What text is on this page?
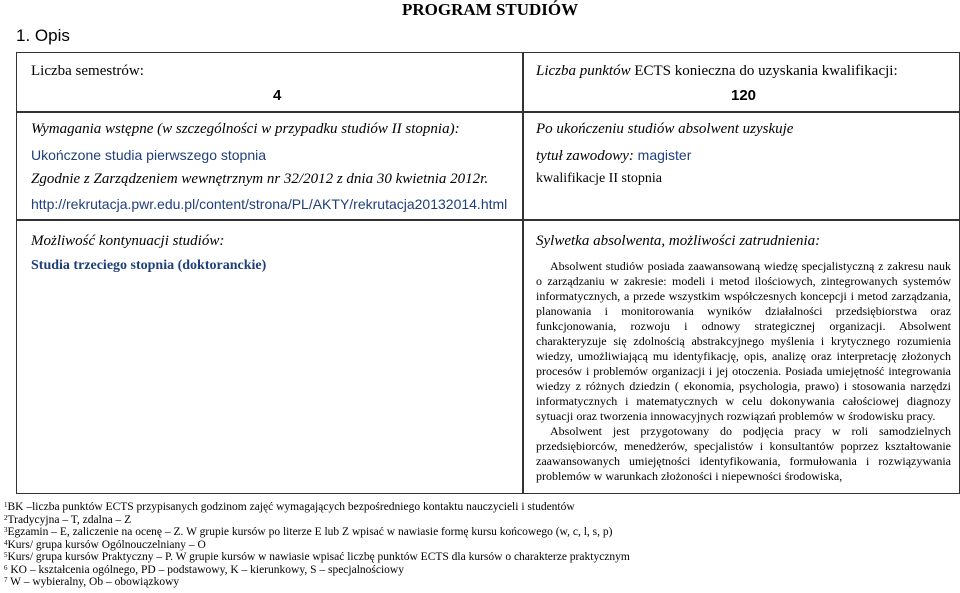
PROGRAM STUDIÓW
1. Opis
Liczba semestrów:
4
Liczba punktów ECTS konieczna do uzyskania kwalifikacji:
120
Wymagania wstępne (w szczególności w przypadku studiów II stopnia):
Ukończone studia pierwszego stopnia
Zgodnie z Zarządzeniem wewnętrznym nr 32/2012 z dnia 30 kwietnia 2012r.
http://rekrutacja.pwr.edu.pl/content/strona/PL/AKTY/rekrutacja20132014.html
Po ukończeniu studiów absolwent uzyskuje
tytuł zawodowy: magister
kwalifikacje II stopnia
Możliwość kontynuacji studiów:
Studia trzeciego stopnia (doktoranckie)
Sylwetka absolwenta, możliwości zatrudnienia:

Absolwent studiów posiada zaawansowaną wiedzę specjalistyczną z zakresu nauk o zarządzaniu w zakresie: modeli i metod ilościowych, zintegrowanych systemów informatycznych, a przede wszystkim współczesnych koncepcji i metod zarządzania, planowania i monitorowania wyników działalności przedsiębiorstwa oraz funkcjonowania, rozwoju i odnowy strategicznej organizacji. Absolwent charakteryzuje się zdolnością abstrakcyjnego myślenia i krytycznego rozumienia wiedzy, umożliwiającą mu identyfikację, opis, analizę oraz interpretację złożonych procesów i problemów organizacji i jej otoczenia. Posiada umiejętność integrowania wiedzy z różnych dziedzin ( ekonomia, psychologia, prawo) i stosowania narzędzi informatycznych i matematycznych w celu dokonywania całościowej diagnozy sytuacji oraz tworzenia innowacyjnych rozwiązań problemów w środowisku pracy.

Absolwent jest przygotowany do podjęcia pracy w roli samodzielnych przedsiębiorców, menedżerów, specjalistów i konsultantów poprzez kształtowanie zaawansowanych umiejętności identyfikowania, formułowania i rozwiązywania problemów w warunkach złożoności i niepewności środowiska,

$^1$BK –liczba punktów ECTS przypisanych godzinom zajęć wymagających bezpośredniego kontaktu nauczycieli i studentów
$^2$Tradycyjna – T, zdalna – Z
$^3$Egzamin – E, zaliczenie na ocenę – Z. W grupie kursów po literze E lub Z wpisać w nawiasie formę kursu końcowego (w, c, l, s, p)
$^4$Kurs/ grupa kursów Ogólnouczelniany – O
$^5$Kurs/ grupa kursów Praktyczny – P. W grupie kursów w nawiasie wpisać liczbę punktów ECTS dla kursów o charakterze praktycznym
$^6$ KO – kształcenia ogólnego, PD – podstawowy, K – kierunkowy, S – specjalnościowy
$^7$ W – wybieralny, Ob – obowiązkowy
